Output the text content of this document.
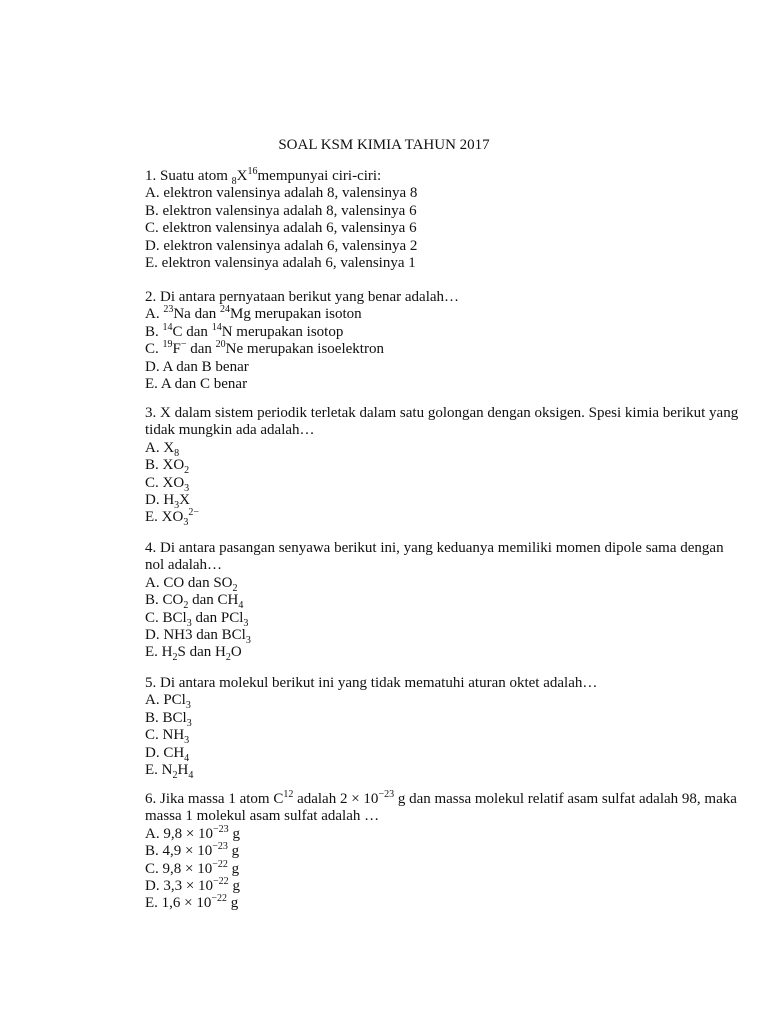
SOAL KSM KIMIA TAHUN 2017
1. Suatu atom $_8X^{16}mempunyai$ ciri-ciri:
A. elektron valensinya adalah 8, valensinya 8
B. elektron valensinya adalah 8, valensinya 6
C. elektron valensinya adalah 6, valensinya 6
D. elektron valensinya adalah 6, valensinya 2
E. elektron valensinya adalah 6, valensinya 1
2. Di antara pernyataan berikut yang benar adalah…
A. $^{23}$Na dan $^{24}$Mg merupakan isoton
B. $^{14}$C dan $^{14}$N merupakan isotop
C. $^{19}$F− dan $^{20}$Ne merupakan isoelektron
D. A dan B benar
E. A dan C benar
3. X dalam sistem periodik terletak dalam satu golongan dengan oksigen. Spesi kimia berikut yang tidak mungkin ada adalah…
A. $X_8$
B. $XO_2$
C. $XO_3$
D. $H_3X$
E. $XO_3^{2-}$
4. Di antara pasangan senyawa berikut ini, yang keduanya memiliki momen dipole sama dengan nol adalah…
A. CO dan $SO_2$
B. $CO_2$ dan $CH_4$
C. BCl$_3$ dan PCl$_3$
D. NH3 dan BCl$_3$
E. $H_2S$ dan $H_2O$
5. Di antara molekul berikut ini yang tidak mematuhi aturan oktet adalah…
A. PCl$_3$
B. BCl$_3$
C. $NH_3$
D. $CH_4$
E. $N_2H_4$
6. Jika massa 1 atom $C^{12}$ adalah $2 \times 10^{-23}$ g dan massa molekul relatif asam sulfat adalah 98, maka massa 1 molekul asam sulfat adalah …
A. $9,8 \times 10^{-23}$ g
B. $4,9 \times 10^{-23}$ g
C. $9,8 \times 10^{-22}$ g
D. $3,3 \times 10^{-22}$ g
E. $1,6 \times 10^{-22}$ g
